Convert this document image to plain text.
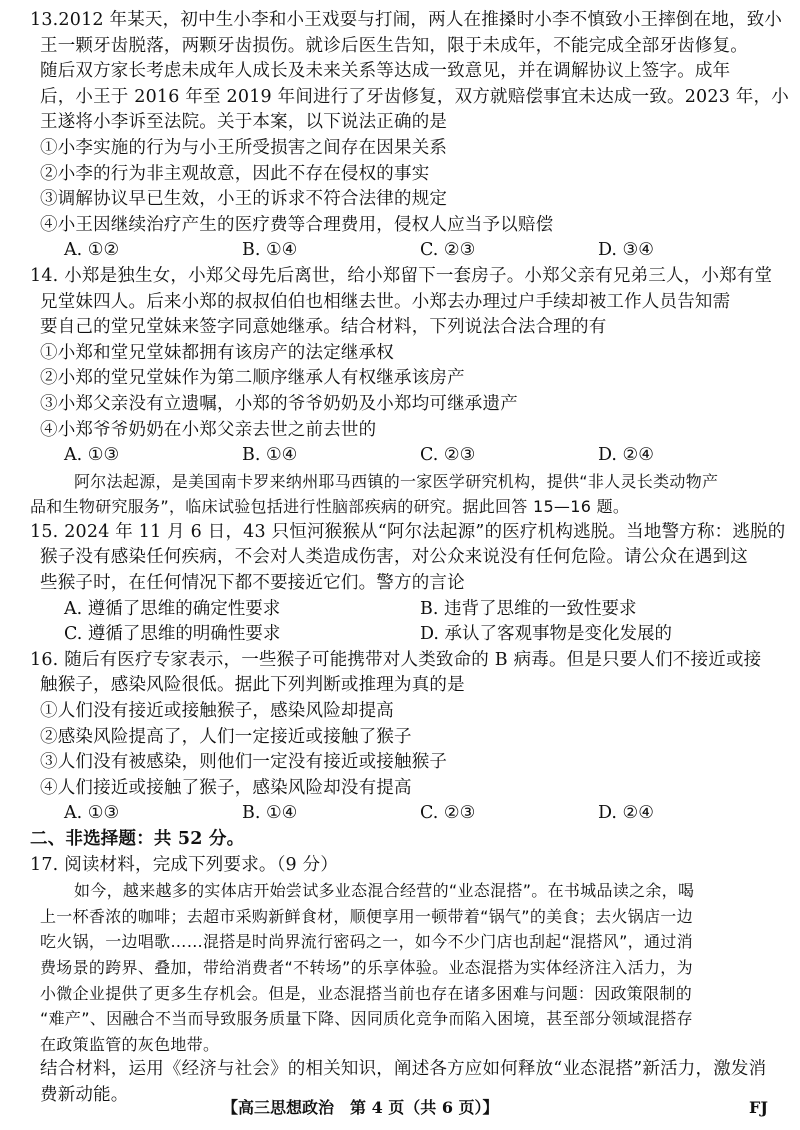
13.2012 年某天，初中生小李和小王戏耍与打闹，两人在推搡时小李不慎致小王摔倒在地，致小
王一颗牙齿脱落，两颗牙齿损伤。就诊后医生告知，限于未成年，不能完成全部牙齿修复。
随后双方家长考虑未成年人成长及未来关系等达成一致意见，并在调解协议上签字。成年
后，小王于 2016 年至 2019 年间进行了牙齿修复，双方就赔偿事宜未达成一致。2023 年，小
王遂将小李诉至法院。关于本案，以下说法正确的是
①小李实施的行为与小王所受损害之间存在因果关系
②小李的行为非主观故意，因此不存在侵权的事实
③调解协议早已生效，小王的诉求不符合法律的规定
④小王因继续治疗产生的医疗费等合理费用，侵权人应当予以赔偿
A. ①②	B. ①④	C. ②③	D. ③④
14. 小郑是独生女，小郑父母先后离世，给小郑留下一套房子。小郑父亲有兄弟三人，小郑有堂
兄堂妹四人。后来小郑的叔叔伯伯也相继去世。小郑去办理过户手续却被工作人员告知需
要自己的堂兄堂妹来签字同意她继承。结合材料，下列说法合法合理的有
①小郑和堂兄堂妹都拥有该房产的法定继承权
②小郑的堂兄堂妹作为第二顺序继承人有权继承该房产
③小郑父亲没有立遗嘱，小郑的爷爷奶奶及小郑均可继承遗产
④小郑爷爷奶奶在小郑父亲去世之前去世的
A. ①③	B. ①④	C. ②③	D. ②④
阿尔法起源，是美国南卡罗来纳州耶马西镇的一家医学研究机构，提供“非人灵长类动物产
品和生物研究服务”，临床试验包括进行性脑部疾病的研究。据此回答 15—16 题。
15. 2024 年 11 月 6 日，43 只恒河猴猴从“阿尔法起源”的医疗机构逃脱。当地警方称：逃脱的
猴子没有感染任何疾病，不会对人类造成伤害，对公众来说没有任何危险。请公众在遇到这
些猴子时，在任何情况下都不要接近它们。警方的言论
A. 遵循了思维的确定性要求	B. 违背了思维的一致性要求
C. 遵循了思维的明确性要求	D. 承认了客观事物是变化发展的
16. 随后有医疗专家表示，一些猴子可能携带对人类致命的 B 病毒。但是只要人们不接近或接
触猴子，感染风险很低。据此下列判断或推理为真的是
①人们没有接近或接触猴子，感染风险却提高
②感染风险提高了，人们一定接近或接触了猴子
③人们没有被感染，则他们一定没有接近或接触猴子
④人们接近或接触了猴子，感染风险却没有提高
A. ①③	B. ①④	C. ②③	D. ②④
二、非选择题：共 52 分。
17. 阅读材料，完成下列要求。（9 分）
如今，越来越多的实体店开始尝试多业态混合经营的“业态混搭”。在书城品读之余，喝
上一杯香浓的咖啡；去超市采购新鲜食材，顺便享用一顿带着“锅气”的美食；去火锅店一边
吃火锅，一边唱歌……混搭是时尚界流行密码之一，如今不少门店也刮起“混搭风”，通过消
费场景的跨界、叠加，带给消费者“不转场”的乐享体验。业态混搭为实体经济注入活力，为
小微企业提供了更多生存机会。但是，业态混搭当前也存在诸多困难与问题：因政策限制的
“难产”、因融合不当而导致服务质量下降、因同质化竞争而陷入困境，甚至部分领域混搭存
在政策监管的灰色地带。
结合材料，运用《经济与社会》的相关知识，阐述各方应如何释放“业态混搭”新活力，激发消
费新动能。
【高三思想政治　第 4 页（共 6 页）】	FJ
